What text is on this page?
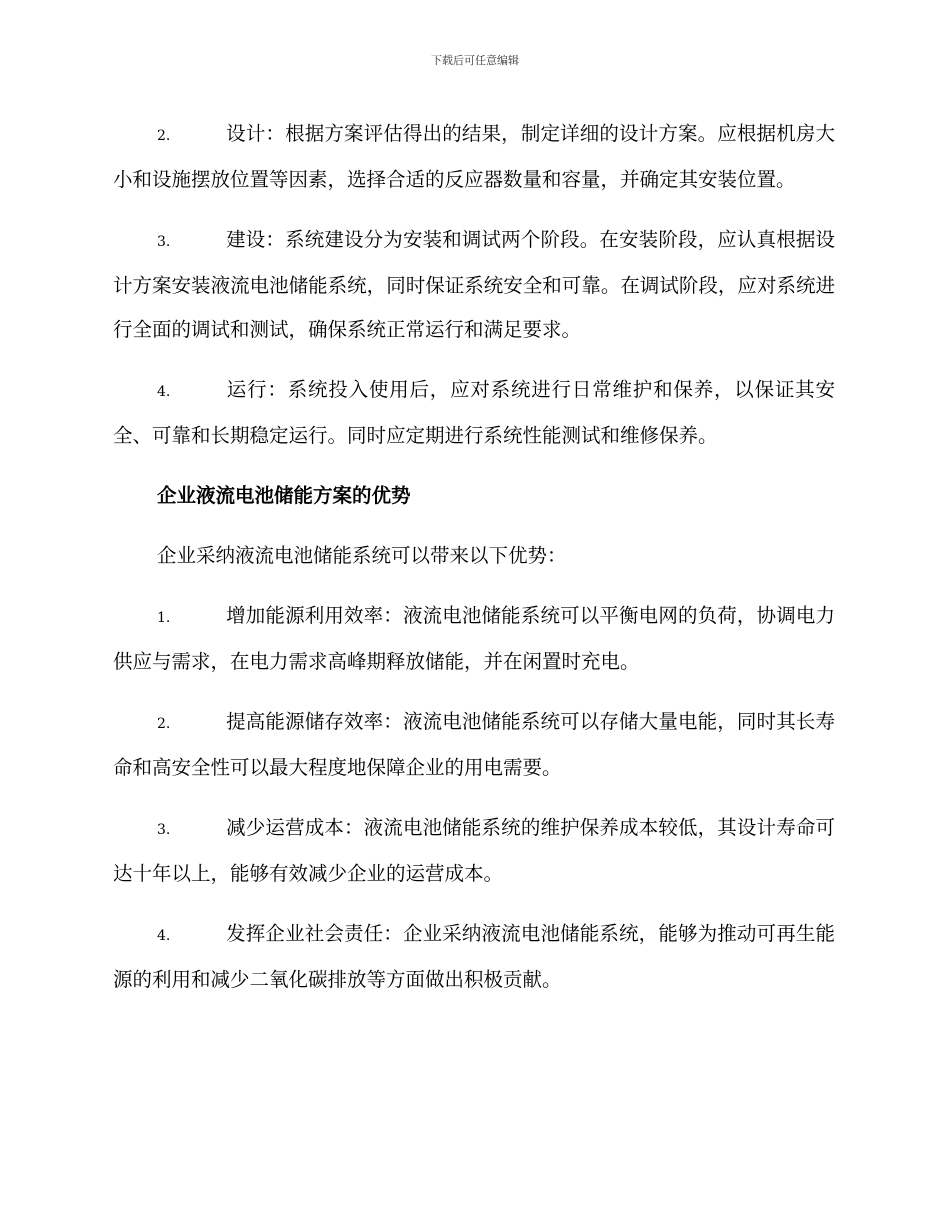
下载后可任意编辑
2.	设计：根据方案评估得出的结果，制定详细的设计方案。应根据机房大小和设施摆放位置等因素，选择合适的反应器数量和容量，并确定其安装位置。
3.	建设：系统建设分为安装和调试两个阶段。在安装阶段，应认真根据设计方案安装液流电池储能系统，同时保证系统安全和可靠。在调试阶段，应对系统进行全面的调试和测试，确保系统正常运行和满足要求。
4.	运行：系统投入使用后，应对系统进行日常维护和保养，以保证其安全、可靠和长期稳定运行。同时应定期进行系统性能测试和维修保养。
企业液流电池储能方案的优势
企业采纳液流电池储能系统可以带来以下优势：
1.	增加能源利用效率：液流电池储能系统可以平衡电网的负荷，协调电力供应与需求，在电力需求高峰期释放储能，并在闲置时充电。
2.	提高能源储存效率：液流电池储能系统可以存储大量电能，同时其长寿命和高安全性可以最大程度地保障企业的用电需要。
3.	减少运营成本：液流电池储能系统的维护保养成本较低，其设计寿命可达十年以上，能够有效减少企业的运营成本。
4.	发挥企业社会责任：企业采纳液流电池储能系统，能够为推动可再生能源的利用和减少二氧化碳排放等方面做出积极贡献。
